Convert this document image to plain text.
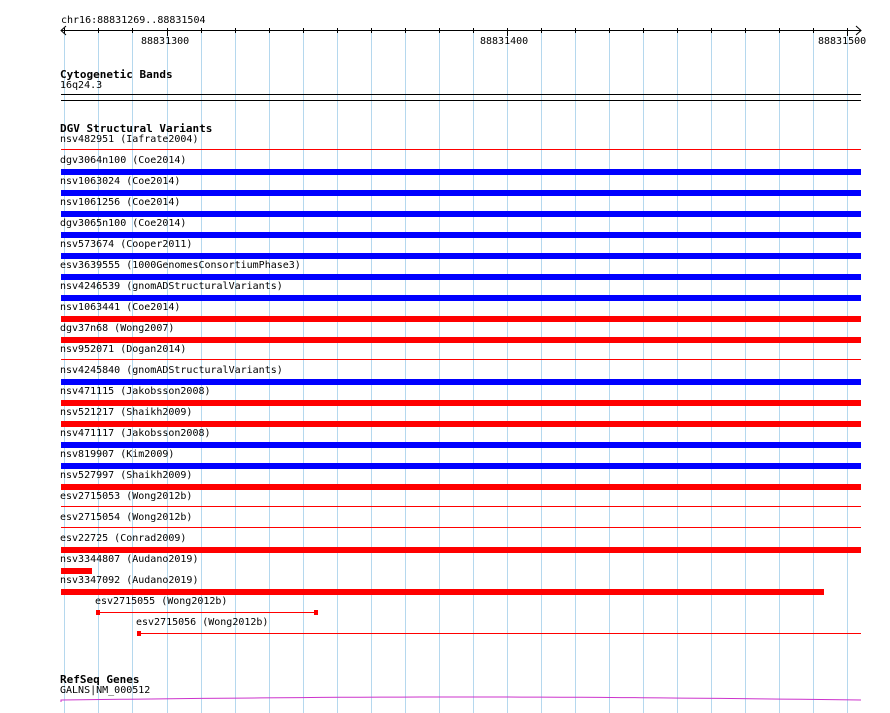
chr16:88831269..88831504
88831300	88831400	88831500
Cytogenetic Bands
16q24.3
DGV Structural Variants
nsv482951 (Iafrate2004)
dgv3064n100 (Coe2014)
nsv1063024 (Coe2014)
nsv1061256 (Coe2014)
dgv3065n100 (Coe2014)
nsv573674 (Cooper2011)
esv3639555 (1000GenomesConsortiumPhase3)
nsv4246539 (gnomADStructuralVariants)
nsv1063441 (Coe2014)
dgv37n68 (Wong2007)
nsv952071 (Dogan2014)
nsv4245840 (gnomADStructuralVariants)
nsv471115 (Jakobsson2008)
nsv521217 (Shaikh2009)
nsv471117 (Jakobsson2008)
nsv819907 (Kim2009)
nsv527997 (Shaikh2009)
esv2715053 (Wong2012b)
esv2715054 (Wong2012b)
esv22725 (Conrad2009)
nsv3344807 (Audano2019)
nsv3347092 (Audano2019)
esv2715055 (Wong2012b)
esv2715056 (Wong2012b)
RefSeq Genes
GALNS|NM_000512
